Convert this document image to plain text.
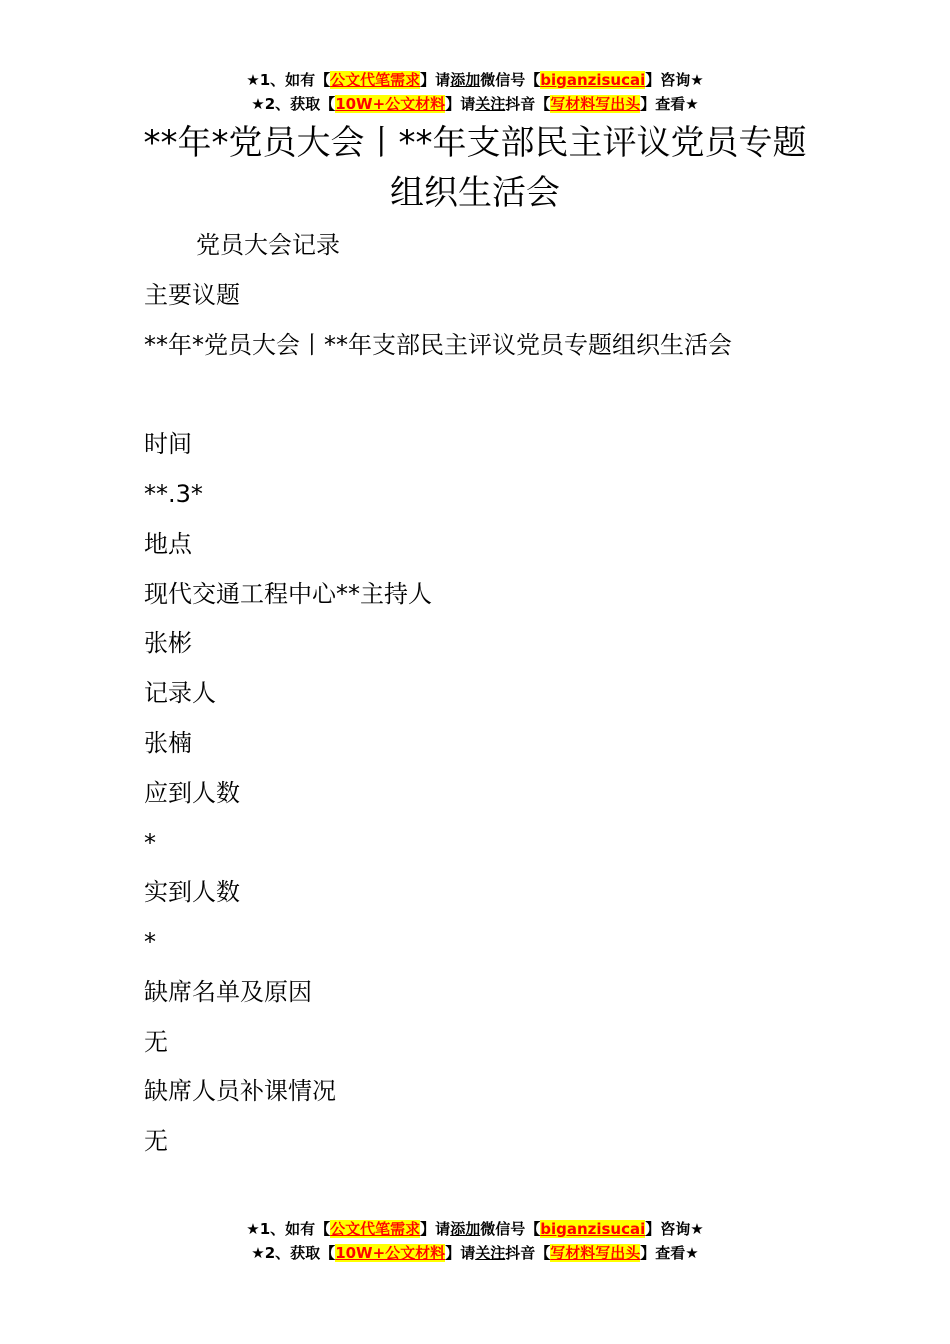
★1、如有【公文代笔需求】请添加微信号【biganzisucai】咨询★
★2、获取【10W+公文材料】请关注抖音【写材料写出头】查看★
**年*党员大会丨**年支部民主评议党员专题组织生活会
党员大会记录
主要议题
**年*党员大会丨**年支部民主评议党员专题组织生活会
时间
**.3*
地点
现代交通工程中心**主持人
张彬
记录人
张楠
应到人数
*
实到人数
*
缺席名单及原因
无
缺席人员补课情况
无
★1、如有【公文代笔需求】请添加微信号【biganzisucai】咨询★
★2、获取【10W+公文材料】请关注抖音【写材料写出头】查看★
